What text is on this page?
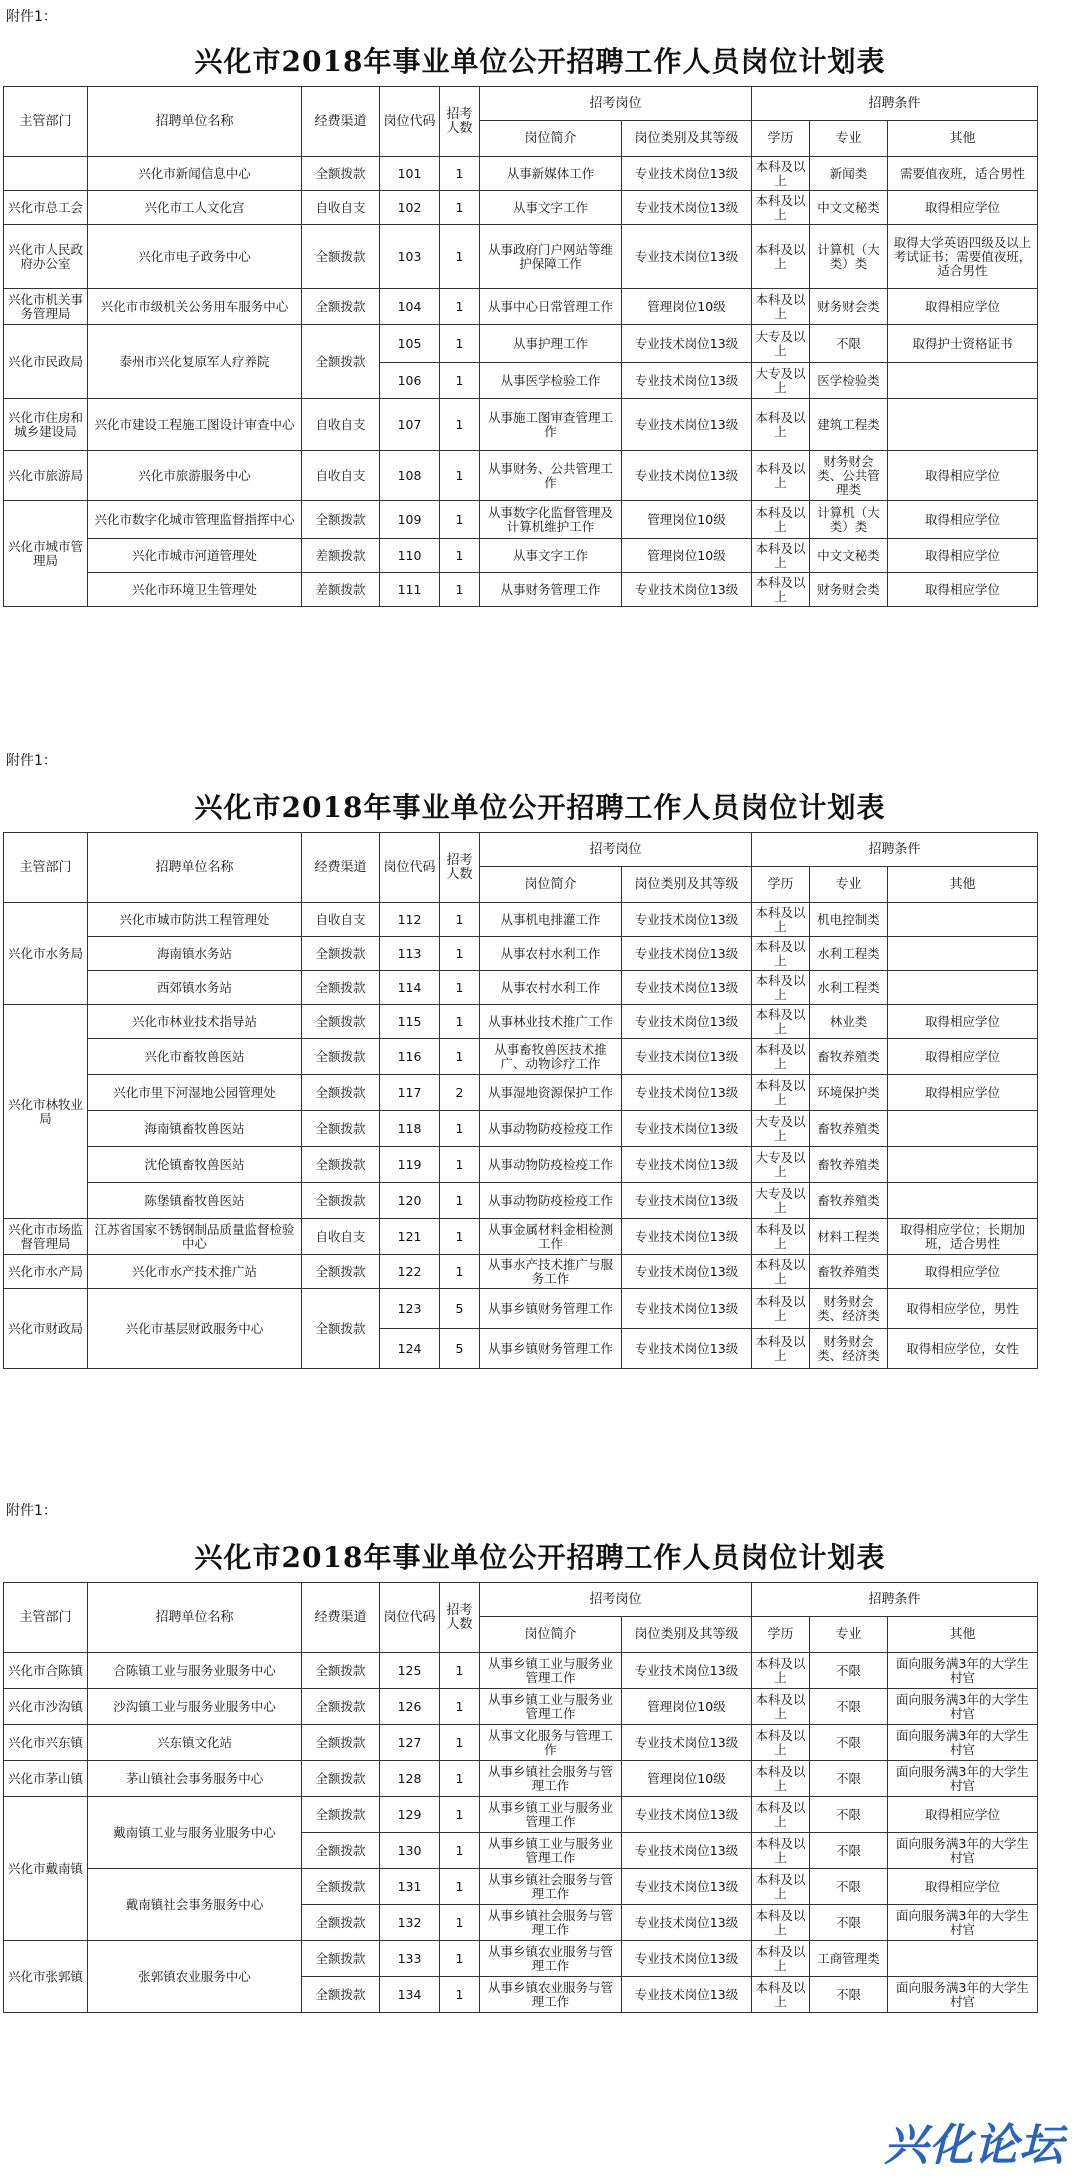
附件1：
兴化市2018年事业单位公开招聘工作人员岗位计划表
主管部门	招聘单位名称	经费渠道	岗位代码	招考人数	招考岗位		招聘条件		
					岗位简介	岗位类别及其等级	学历	专业	其他
	兴化市新闻信息中心	全额拨款	101	1	从事新媒体工作	专业技术岗位13级	本科及以上	新闻类	需要值夜班，适合男性
兴化市总工会	兴化市工人文化宫	自收自支	102	1	从事文字工作	专业技术岗位13级	本科及以上	中文文秘类	取得相应学位
兴化市人民政府办公室	兴化市电子政务中心	全额拨款	103	1	从事政府门户网站等维护保障工作	专业技术岗位13级	本科及以上	计算机（大类）类	取得大学英语四级及以上考试证书；需要值夜班，适合男性
兴化市机关事务管理局	兴化市市级机关公务用车服务中心	全额拨款	104	1	从事中心日常管理工作	管理岗位10级	本科及以上	财务财会类	取得相应学位
兴化市民政局	泰州市兴化复原军人疗养院	全额拨款	105	1	从事护理工作	专业技术岗位13级	大专及以上	不限	取得护士资格证书
			106	1	从事医学检验工作	专业技术岗位13级	大专及以上	医学检验类	
兴化市住房和城乡建设局	兴化市建设工程施工图设计审查中心	自收自支	107	1	从事施工图审查管理工作	专业技术岗位13级	本科及以上	建筑工程类	
兴化市旅游局	兴化市旅游服务中心	自收自支	108	1	从事财务、公共管理工作	专业技术岗位13级	本科及以上	财务财会类、公共管理类	取得相应学位
兴化市城市管理局	兴化市数字化城市管理监督指挥中心	全额拨款	109	1	从事数字化监督管理及计算机维护工作	管理岗位10级	本科及以上	计算机（大类）类	取得相应学位
	兴化市城市河道管理处	差额拨款	110	1	从事文字工作	管理岗位10级	本科及以上	中文文秘类	取得相应学位
	兴化市环境卫生管理处	差额拨款	111	1	从事财务管理工作	专业技术岗位13级	本科及以上	财务财会类	取得相应学位
附件1：
兴化市2018年事业单位公开招聘工作人员岗位计划表
主管部门	招聘单位名称	经费渠道	岗位代码	招考人数	招考岗位		招聘条件		
					岗位简介	岗位类别及其等级	学历	专业	其他
兴化市水务局	兴化市城市防洪工程管理处	自收自支	112	1	从事机电排灌工作	专业技术岗位13级	本科及以上	机电控制类	
	海南镇水务站	全额拨款	113	1	从事农村水利工作	专业技术岗位13级	本科及以上	水利工程类	
	西郊镇水务站	全额拨款	114	1	从事农村水利工作	专业技术岗位13级	本科及以上	水利工程类	
兴化市林牧业局	兴化市林业技术指导站	全额拨款	115	1	从事林业技术推广工作	专业技术岗位13级	本科及以上	林业类	取得相应学位
	兴化市畜牧兽医站	全额拨款	116	1	从事畜牧兽医技术推广、动物诊疗工作	专业技术岗位13级	本科及以上	畜牧养殖类	取得相应学位
	兴化市里下河湿地公园管理处	全额拨款	117	2	从事湿地资源保护工作	专业技术岗位13级	本科及以上	环境保护类	取得相应学位
	海南镇畜牧兽医站	全额拨款	118	1	从事动物防疫检疫工作	专业技术岗位13级	大专及以上	畜牧养殖类	
	沈伦镇畜牧兽医站	全额拨款	119	1	从事动物防疫检疫工作	专业技术岗位13级	大专及以上	畜牧养殖类	
	陈堡镇畜牧兽医站	全额拨款	120	1	从事动物防疫检疫工作	专业技术岗位13级	大专及以上	畜牧养殖类	
兴化市市场监督管理局	江苏省国家不锈钢制品质量监督检验中心	自收自支	121	1	从事金属材料金相检测工作	专业技术岗位13级	本科及以上	材料工程类	取得相应学位；长期加班，适合男性
兴化市水产局	兴化市水产技术推广站	全额拨款	122	1	从事水产技术推广与服务工作	专业技术岗位13级	本科及以上	畜牧养殖类	取得相应学位
兴化市财政局	兴化市基层财政服务中心	全额拨款	123	5	从事乡镇财务管理工作	专业技术岗位13级	本科及以上	财务财会类、经济类	取得相应学位，男性
			124	5	从事乡镇财务管理工作	专业技术岗位13级	本科及以上	财务财会类、经济类	取得相应学位，女性
附件1：
兴化市2018年事业单位公开招聘工作人员岗位计划表
主管部门	招聘单位名称	经费渠道	岗位代码	招考人数	招考岗位		招聘条件		
					岗位简介	岗位类别及其等级	学历	专业	其他
兴化市合陈镇	合陈镇工业与服务业服务中心	全额拨款	125	1	从事乡镇工业与服务业管理工作	专业技术岗位13级	本科及以上	不限	面向服务满3年的大学生村官
兴化市沙沟镇	沙沟镇工业与服务业服务中心	全额拨款	126	1	从事乡镇工业与服务业管理工作	管理岗位10级	本科及以上	不限	面向服务满3年的大学生村官
兴化市兴东镇	兴东镇文化站	全额拨款	127	1	从事文化服务与管理工作	专业技术岗位13级	本科及以上	不限	面向服务满3年的大学生村官
兴化市茅山镇	茅山镇社会事务服务中心	全额拨款	128	1	从事乡镇社会服务与管理工作	管理岗位10级	本科及以上	不限	面向服务满3年的大学生村官
兴化市戴南镇	戴南镇工业与服务业服务中心	全额拨款	129	1	从事乡镇工业与服务业管理工作	专业技术岗位13级	本科及以上	不限	取得相应学位
		全额拨款	130	1	从事乡镇工业与服务业管理工作	专业技术岗位13级	本科及以上	不限	面向服务满3年的大学生村官
	戴南镇社会事务服务中心	全额拨款	131	1	从事乡镇社会服务与管理工作	专业技术岗位13级	本科及以上	不限	取得相应学位
		全额拨款	132	1	从事乡镇社会服务与管理工作	专业技术岗位13级	本科及以上	不限	面向服务满3年的大学生村官
兴化市张郭镇	张郭镇农业服务中心	全额拨款	133	1	从事乡镇农业服务与管理工作	专业技术岗位13级	本科及以上	工商管理类	
		全额拨款	134	1	从事乡镇农业服务与管理工作	专业技术岗位13级	本科及以上	不限	面向服务满3年的大学生村官
兴化论坛
